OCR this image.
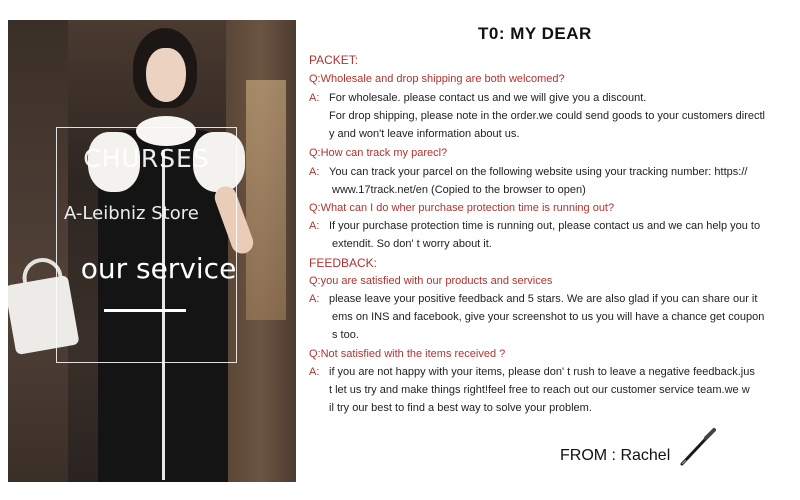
CHURSES
A-Leibniz Store
our service
T0: MY DEAR
PACKET:
Q:Wholesale and drop shipping are both welcomed?
A: For wholesale. please contact us and we will give you a discount.
For drop shipping, please note in the order.we could send goods to your customers directl
y and won't leave information about us.
Q:How can track my parecl?
A: You can track your parcel on the following website using your tracking number: https://
www.17track.net/en (Copied to the browser to open)
Q:What can I do wher purchase protection time is running out?
A: If your purchase protection time is running out, please contact us and we can help you to
extendit. So don' t worry about it.
FEEDBACK:
Q:you are satisfied with our products and services
A: please leave your positive feedback and 5 stars. We are also glad if you can share our it
ems on INS and facebook, give your screenshot to us you will have a chance get coupon
s too.
Q:Not satisfied with the items received ?
A: if you are not happy with your items, please don' t rush to leave a negative feedback.jus
t let us try and make things right!feel free to reach out our customer service team.we w
il try our best to find a best way to solve your problem.
FROM : Rachel
